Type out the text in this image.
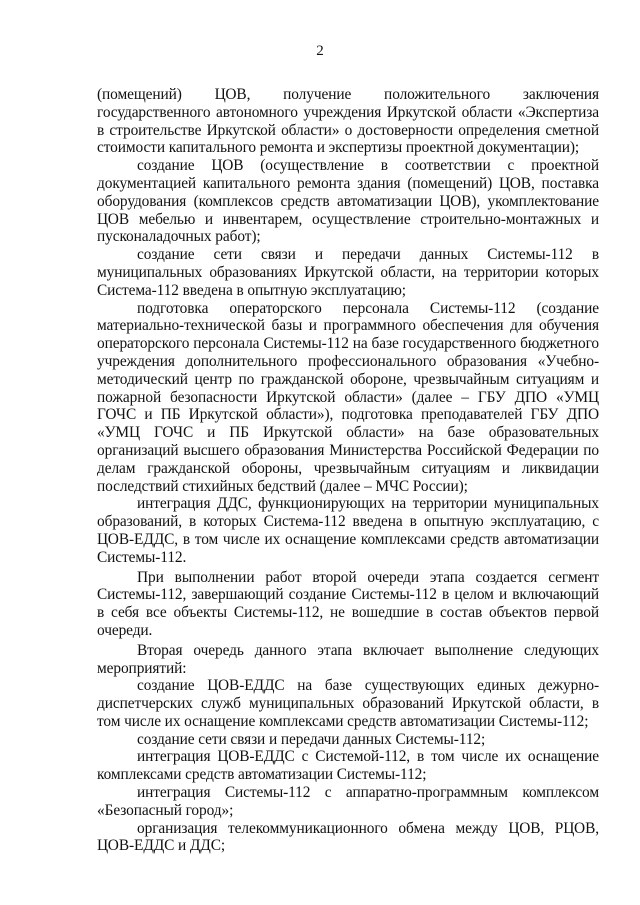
2

(помещений) ЦОВ, получение положительного заключения государственного автономного учреждения Иркутской области «Экспертиза в строительстве Иркутской области» о достоверности определения сметной стоимости капитального ремонта и экспертизы проектной документации);

создание ЦОВ (осуществление в соответствии с проектной документацией капитального ремонта здания (помещений) ЦОВ, поставка оборудования (комплексов средств автоматизации ЦОВ), укомплектование ЦОВ мебелью и инвентарем, осуществление строительно-монтажных и пусконаладочных работ);

создание сети связи и передачи данных Системы-112 в муниципальных образованиях Иркутской области, на территории которых Система-112 введена в опытную эксплуатацию;

подготовка операторского персонала Системы-112 (создание материально-технической базы и программного обеспечения для обучения операторского персонала Системы-112 на базе государственного бюджетного учреждения дополнительного профессионального образования «Учебно-методический центр по гражданской обороне, чрезвычайным ситуациям и пожарной безопасности Иркутской области» (далее – ГБУ ДПО «УМЦ ГОЧС и ПБ Иркутской области»), подготовка преподавателей ГБУ ДПО «УМЦ ГОЧС и ПБ Иркутской области» на базе образовательных организаций высшего образования Министерства Российской Федерации по делам гражданской обороны, чрезвычайным ситуациям и ликвидации последствий стихийных бедствий (далее – МЧС России);

интеграция ДДС, функционирующих на территории муниципальных образований, в которых Система-112 введена в опытную эксплуатацию, с ЦОВ-ЕДДС, в том числе их оснащение комплексами средств автоматизации Системы-112.

При выполнении работ второй очереди этапа создается сегмент Системы-112, завершающий создание Системы-112 в целом и включающий в себя все объекты Системы-112, не вошедшие в состав объектов первой очереди.

Вторая очередь данного этапа включает выполнение следующих мероприятий:

создание ЦОВ-ЕДДС на базе существующих единых дежурно-диспетчерских служб муниципальных образований Иркутской области, в том числе их оснащение комплексами средств автоматизации Системы-112;

создание сети связи и передачи данных Системы-112;

интеграция ЦОВ-ЕДДС с Системой-112, в том числе их оснащение комплексами средств автоматизации Системы-112;

интеграция Системы-112 с аппаратно-программным комплексом «Безопасный город»;

организация телекоммуникационного обмена между ЦОВ, РЦОВ, ЦОВ-ЕДДС и ДДС;
